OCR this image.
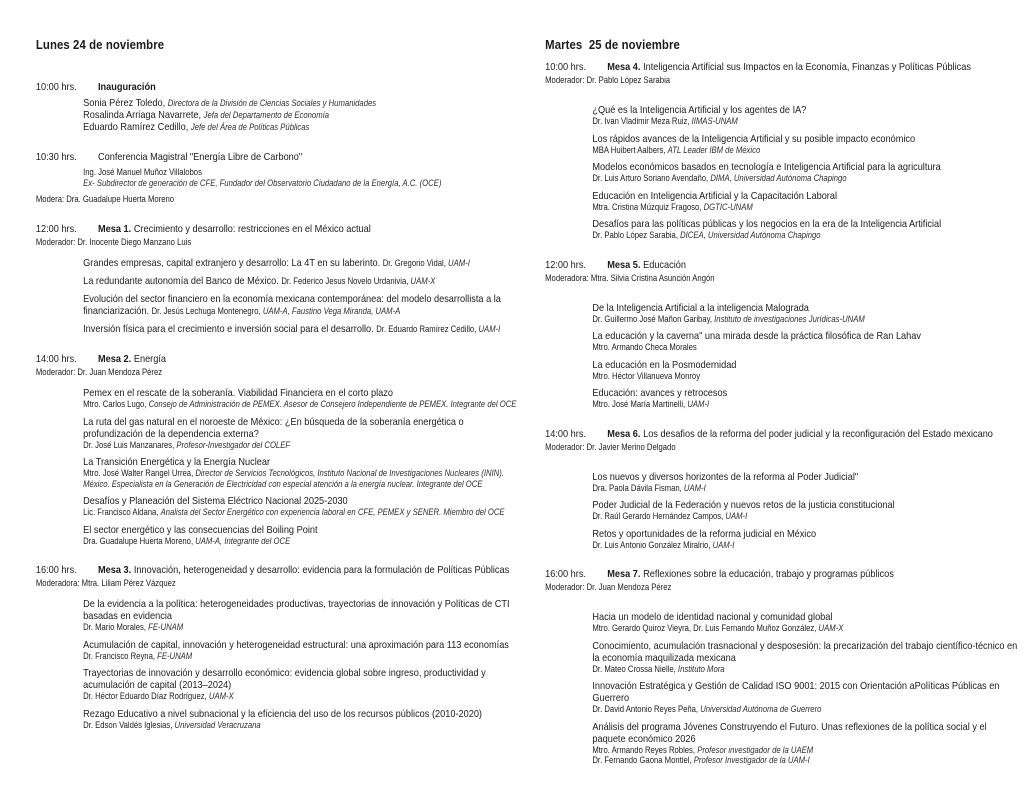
Lunes 24 de noviembre
10:00 hrs.	Inauguración

Sonia Pérez Toledo, Directora de la División de Ciencias Sociales y Humanidades

Rosalinda Arriaga Navarrete, Jefa del Departamento de Economía

Eduardo Ramírez Cedillo, Jefe del Área de Políticas Públicas

10:30 hrs.	Conferencia Magistral "Energía Libre de Carbono"

Ing. José Manuel Muñoz Villalobos

Ex- Subdirector de generación de CFE, Fundador del Observatorio Ciudadano de la Energía, A.C. (OCE)

Modera: Dra. Guadalupe Huerta Moreno
12:00 hrs.	Mesa 1. Crecimiento y desarrollo: restricciones en el México actual
Moderador: Dr. Inocente Diego Manzano Luis

Grandes empresas, capital extranjero y desarrollo: La 4T en su laberinto. Dr. Gregorio Vidal, UAM-I

La redundante autonomía del Banco de México. Dr. Federico Jesus Novelo Urdanivia, UAM-X

Evolución del sector financiero en la economía mexicana contemporánea: del modelo desarrollista a la financiarización. Dr. Jesús Lechuga Montenegro, UAM-A, Faustino Vega Miranda, UAM-A

Inversión física para el crecimiento e inversión social para el desarrollo. Dr. Eduardo Ramírez Cedillo, UAM-I

14:00 hrs.	Mesa 2. Energía
Moderador: Dr. Juan Mendoza Pérez

Pemex en el rescate de la soberanía. Viabilidad Financiera en el corto plazo

Mtro. Carlos Lugo, Consejo de Administración de PEMEX. Asesor de Consejero Independiente de PEMEX. Integrante del OCE

La ruta del gas natural en el noroeste de México: ¿En búsqueda de la soberanía energética o profundización de la dependencia externa?

Dr. José Luis Manzanares, Profesor-Investigador del COLEF

La Transición Energética y la Energía Nuclear

Mtro. José Walter Rangel Urrea, Director de Servicios Tecnológicos, Instituto Nacional de Investigaciones Nucleares (ININ). México. Especialista en la Generación de Electricidad con especial atención a la energía nuclear. Integrante del OCE

Desafíos y Planeación del Sistema Eléctrico Nacional 2025-2030

Lic. Francisco Aldana, Analista del Sector Energético con experiencia laboral en CFE, PEMEX y SENER. Miembro del OCE

El sector energético y las consecuencias del Boiling Point

Dra. Guadalupe Huerta Moreno, UAM-A, Integrante del OCE

16:00 hrs.	Mesa 3. Innovación, heterogeneidad y desarrollo: evidencia para la formulación de Políticas Públicas
Moderadora: Mtra. Liliam Pérez Vázquez

De la evidencia a la política: heterogeneidades productivas, trayectorias de innovación y Políticas de CTI basadas en evidencia

Dr. Mario Morales, FE-UNAM

Acumulación de capital, innovación y heterogeneidad estructural: una aproximación para 113 economías

Dr. Francisco Reyna, FE-UNAM

Trayectorias de innovación y desarrollo económico: evidencia global sobre ingreso, productividad y acumulación de capital (2013–2024)

Dr. Héctor Eduardo Díaz Rodríguez, UAM-X

Rezago Educativo a nivel subnacional y la eficiencia del uso de los recursos públicos (2010-2020)

Dr. Edson Valdés Iglesias, Universidad Veracruzana

Martes  25 de noviembre
10:00 hrs.	Mesa 4. Inteligencia Artificial sus Impactos en la Economía, Finanzas y Políticas Públicas
Moderador: Dr. Pablo López Sarabia

¿Qué es la Inteligencia Artificial y los agentes de IA?

Dr. Ivan Vladimir Meza Ruiz, IIMAS-UNAM

Los rápidos avances de la Inteligencia Artificial y su posible impacto económico

MBA Huibert Aalbers, ATL Leader IBM de México

Modelos económicos basados en tecnología e Inteligencia Artificial para la agricultura

Dr. Luis Arturo Soriano Avendaño, DIMA, Universidad Autónoma Chapingo

Educación en Inteligencia Artificial y la Capacitación Laboral

Mtra. Cristina Múzquiz Fragoso, DGTIC-UNAM

Desafíos para las políticas públicas y los negocios en la era de la Inteligencia Artificial

Dr. Pablo López Sarabia, DICEA, Universidad Autónoma Chapingo

12:00 hrs.	Mesa 5. Educación
Moderadora: Mtra. Silvia Cristina Asunción Angón

De la Inteligencia Artificial a la inteligencia Malograda

Dr. Guillermo José Mañon Garibay, Instituto de investigaciones Jurídicas-UNAM

La educación y la caverna" una mirada desde la práctica filosófica de Ran Lahav

Mtro. Armando Checa Morales

La educación en la Posmodernidad

Mtro. Héctor Villanueva Monroy

Educación: avances y retrocesos

Mtro. José María Martinelli, UAM-I

14:00 hrs.	Mesa 6. Los desafios de la reforma del poder judicial y la reconfiguración del Estado mexicano
Moderador: Dr. Javier Merino Delgado

Los nuevos y diversos horizontes de la reforma al Poder Judicial"

Dra. Paola Dávila Fisman, UAM-I

Poder Judicial de la Federación y nuevos retos de la justicia constitucional

Dr. Raúl Gerardo Hernández Campos, UAM-I

Retos y oportunidades de la reforma judicial en México

Dr. Luis Antonio González Miralrio, UAM-I

16:00 hrs.	Mesa 7. Reflexiones sobre la educación, trabajo y programas públicos
Moderador: Dr. Juan Mendoza Pérez

Hacia un modelo de identidad nacional y comunidad global

Mtro. Gerardo Quiroz Vieyra, Dr. Luis Fernando Muñoz González, UAM-X

Conocimiento, acumulación trasnacional y desposesión: la precarización del trabajo científico-técnico en la economía maquilizada mexicana

Dr. Mateo Crossa Nielle, Instituto Mora

Innovación Estratégica y Gestión de Calidad ISO 9001: 2015 con Orientación aPolíticas Públicas en Guerrero

Dr. David Antonio Reyes Peña, Universidad Autónoma de Guerrero

Análisis del programa Jóvenes Construyendo el Futuro. Unas reflexiones de la política social y el paquete económico 2026

Mtro. Armando Reyes Robles, Profesor investigador de la UAEM

Dr. Fernando Gaona Montiel, Profesor Investigador de la UAM-I
